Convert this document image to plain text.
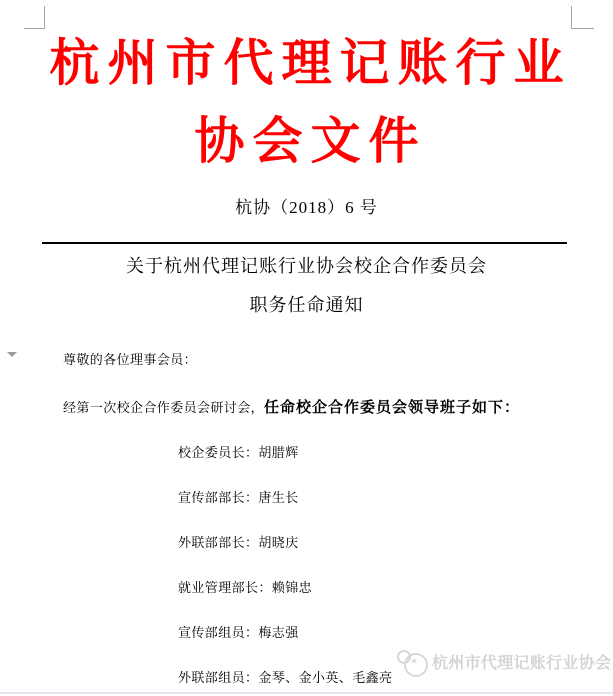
杭州市代理记账行业
协会文件
杭协（2018）6 号
关于杭州代理记账行业协会校企合作委员会
职务任命通知
尊敬的各位理事会员：
经第一次校企合作委员会研讨会，任命校企合作委员会领导班子如下：
校企委员长：胡腊辉
宣传部部长：唐生长
外联部部长：胡晓庆
就业管理部长：赖锦忠
宣传部组员：梅志强
外联部组员：金琴、金小英、毛鑫亮
杭州市代理记账行业协会
